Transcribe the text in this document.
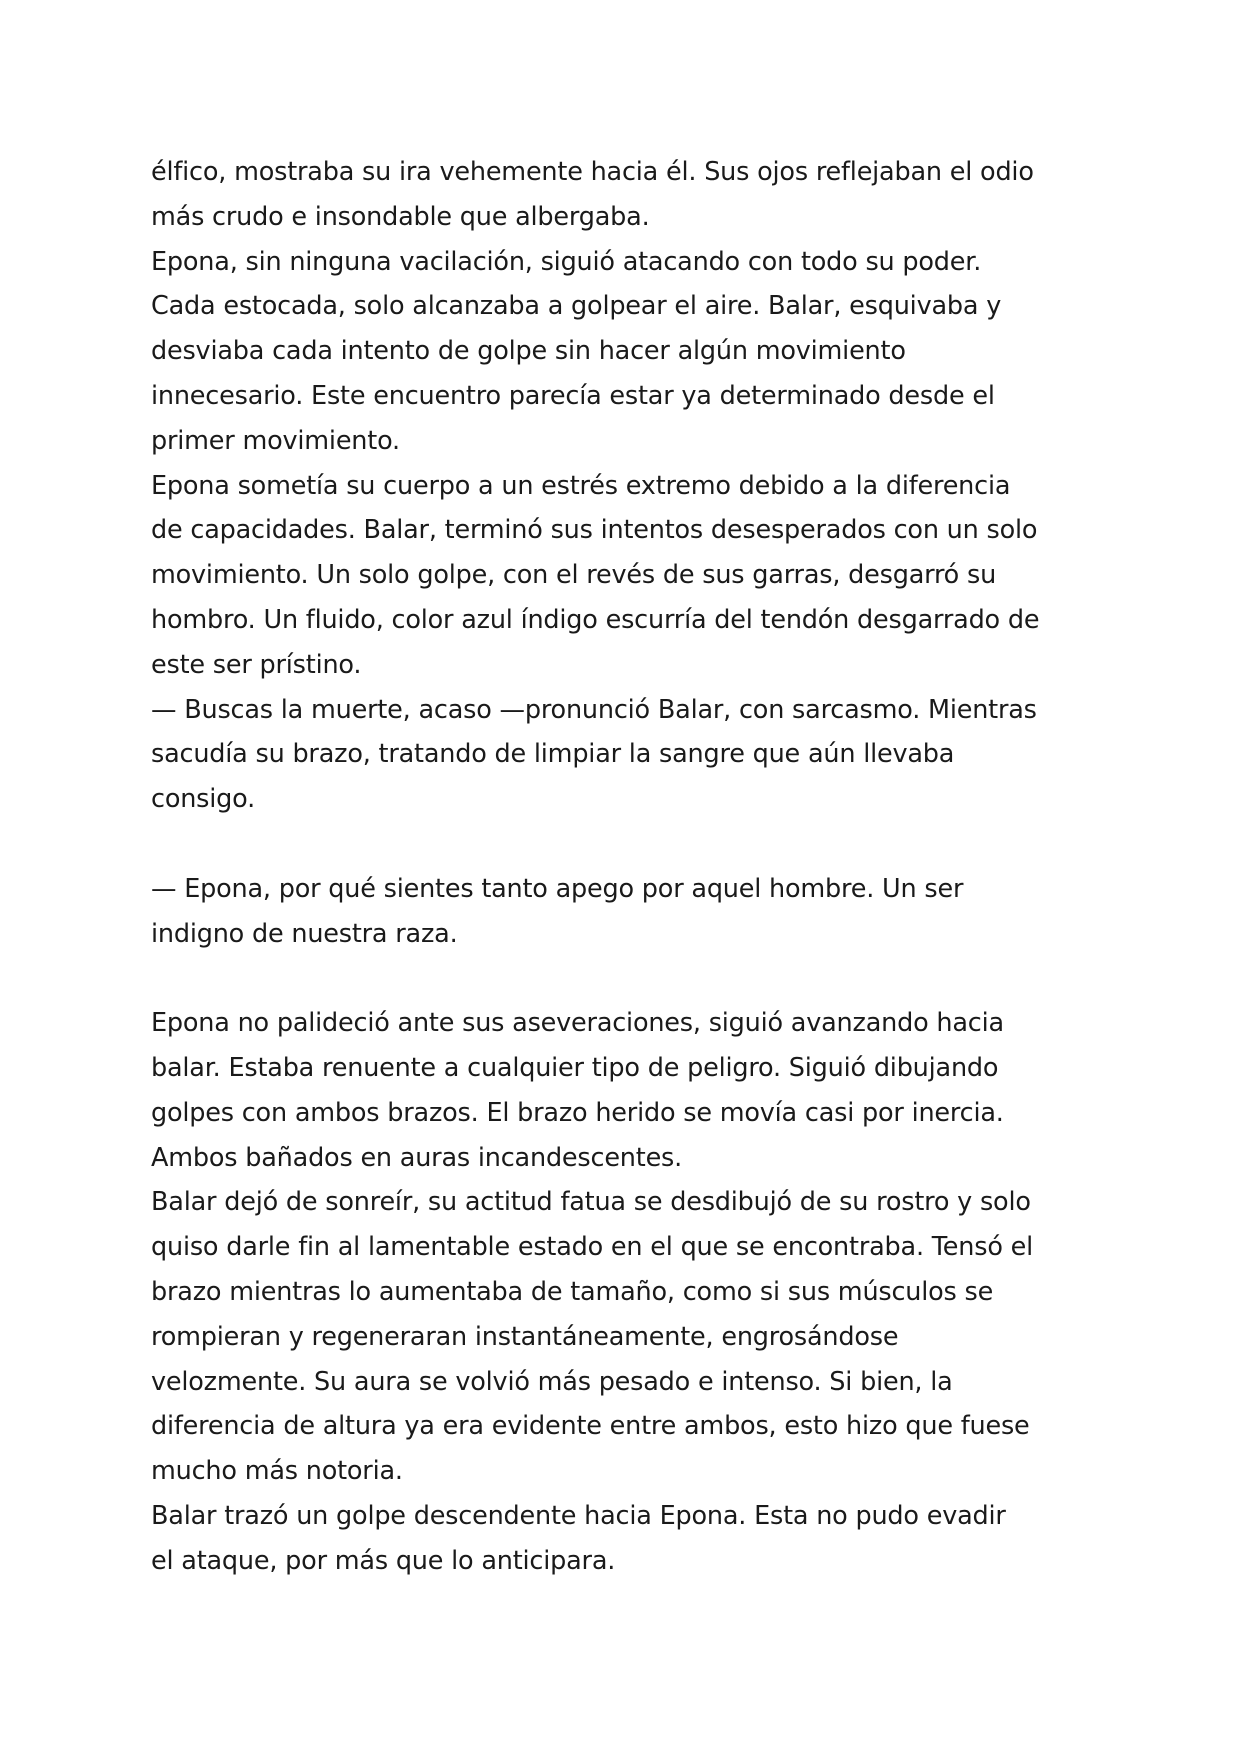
élfico, mostraba su ira vehemente hacia él. Sus ojos reflejaban el odio
más crudo e insondable que albergaba.
Epona, sin ninguna vacilación, siguió atacando con todo su poder.
Cada estocada, solo alcanzaba a golpear el aire. Balar, esquivaba y
desviaba cada intento de golpe sin hacer algún movimiento
innecesario. Este encuentro parecía estar ya determinado desde el
primer movimiento.
Epona sometía su cuerpo a un estrés extremo debido a la diferencia
de capacidades. Balar, terminó sus intentos desesperados con un solo
movimiento. Un solo golpe, con el revés de sus garras, desgarró su
hombro. Un fluido, color azul índigo escurría del tendón desgarrado de
este ser prístino.
— Buscas la muerte, acaso —pronunció Balar, con sarcasmo. Mientras
sacudía su brazo, tratando de limpiar la sangre que aún llevaba
consigo.
— Epona, por qué sientes tanto apego por aquel hombre. Un ser
indigno de nuestra raza.
Epona no palideció ante sus aseveraciones, siguió avanzando hacia
balar. Estaba renuente a cualquier tipo de peligro. Siguió dibujando
golpes con ambos brazos. El brazo herido se movía casi por inercia.
Ambos bañados en auras incandescentes.
Balar dejó de sonreír, su actitud fatua se desdibujó de su rostro y solo
quiso darle fin al lamentable estado en el que se encontraba. Tensó el
brazo mientras lo aumentaba de tamaño, como si sus músculos se
rompieran y regeneraran instantáneamente, engrosándose
velozmente. Su aura se volvió más pesado e intenso. Si bien, la
diferencia de altura ya era evidente entre ambos, esto hizo que fuese
mucho más notoria.
Balar trazó un golpe descendente hacia Epona. Esta no pudo evadir
el ataque, por más que lo anticipara.
